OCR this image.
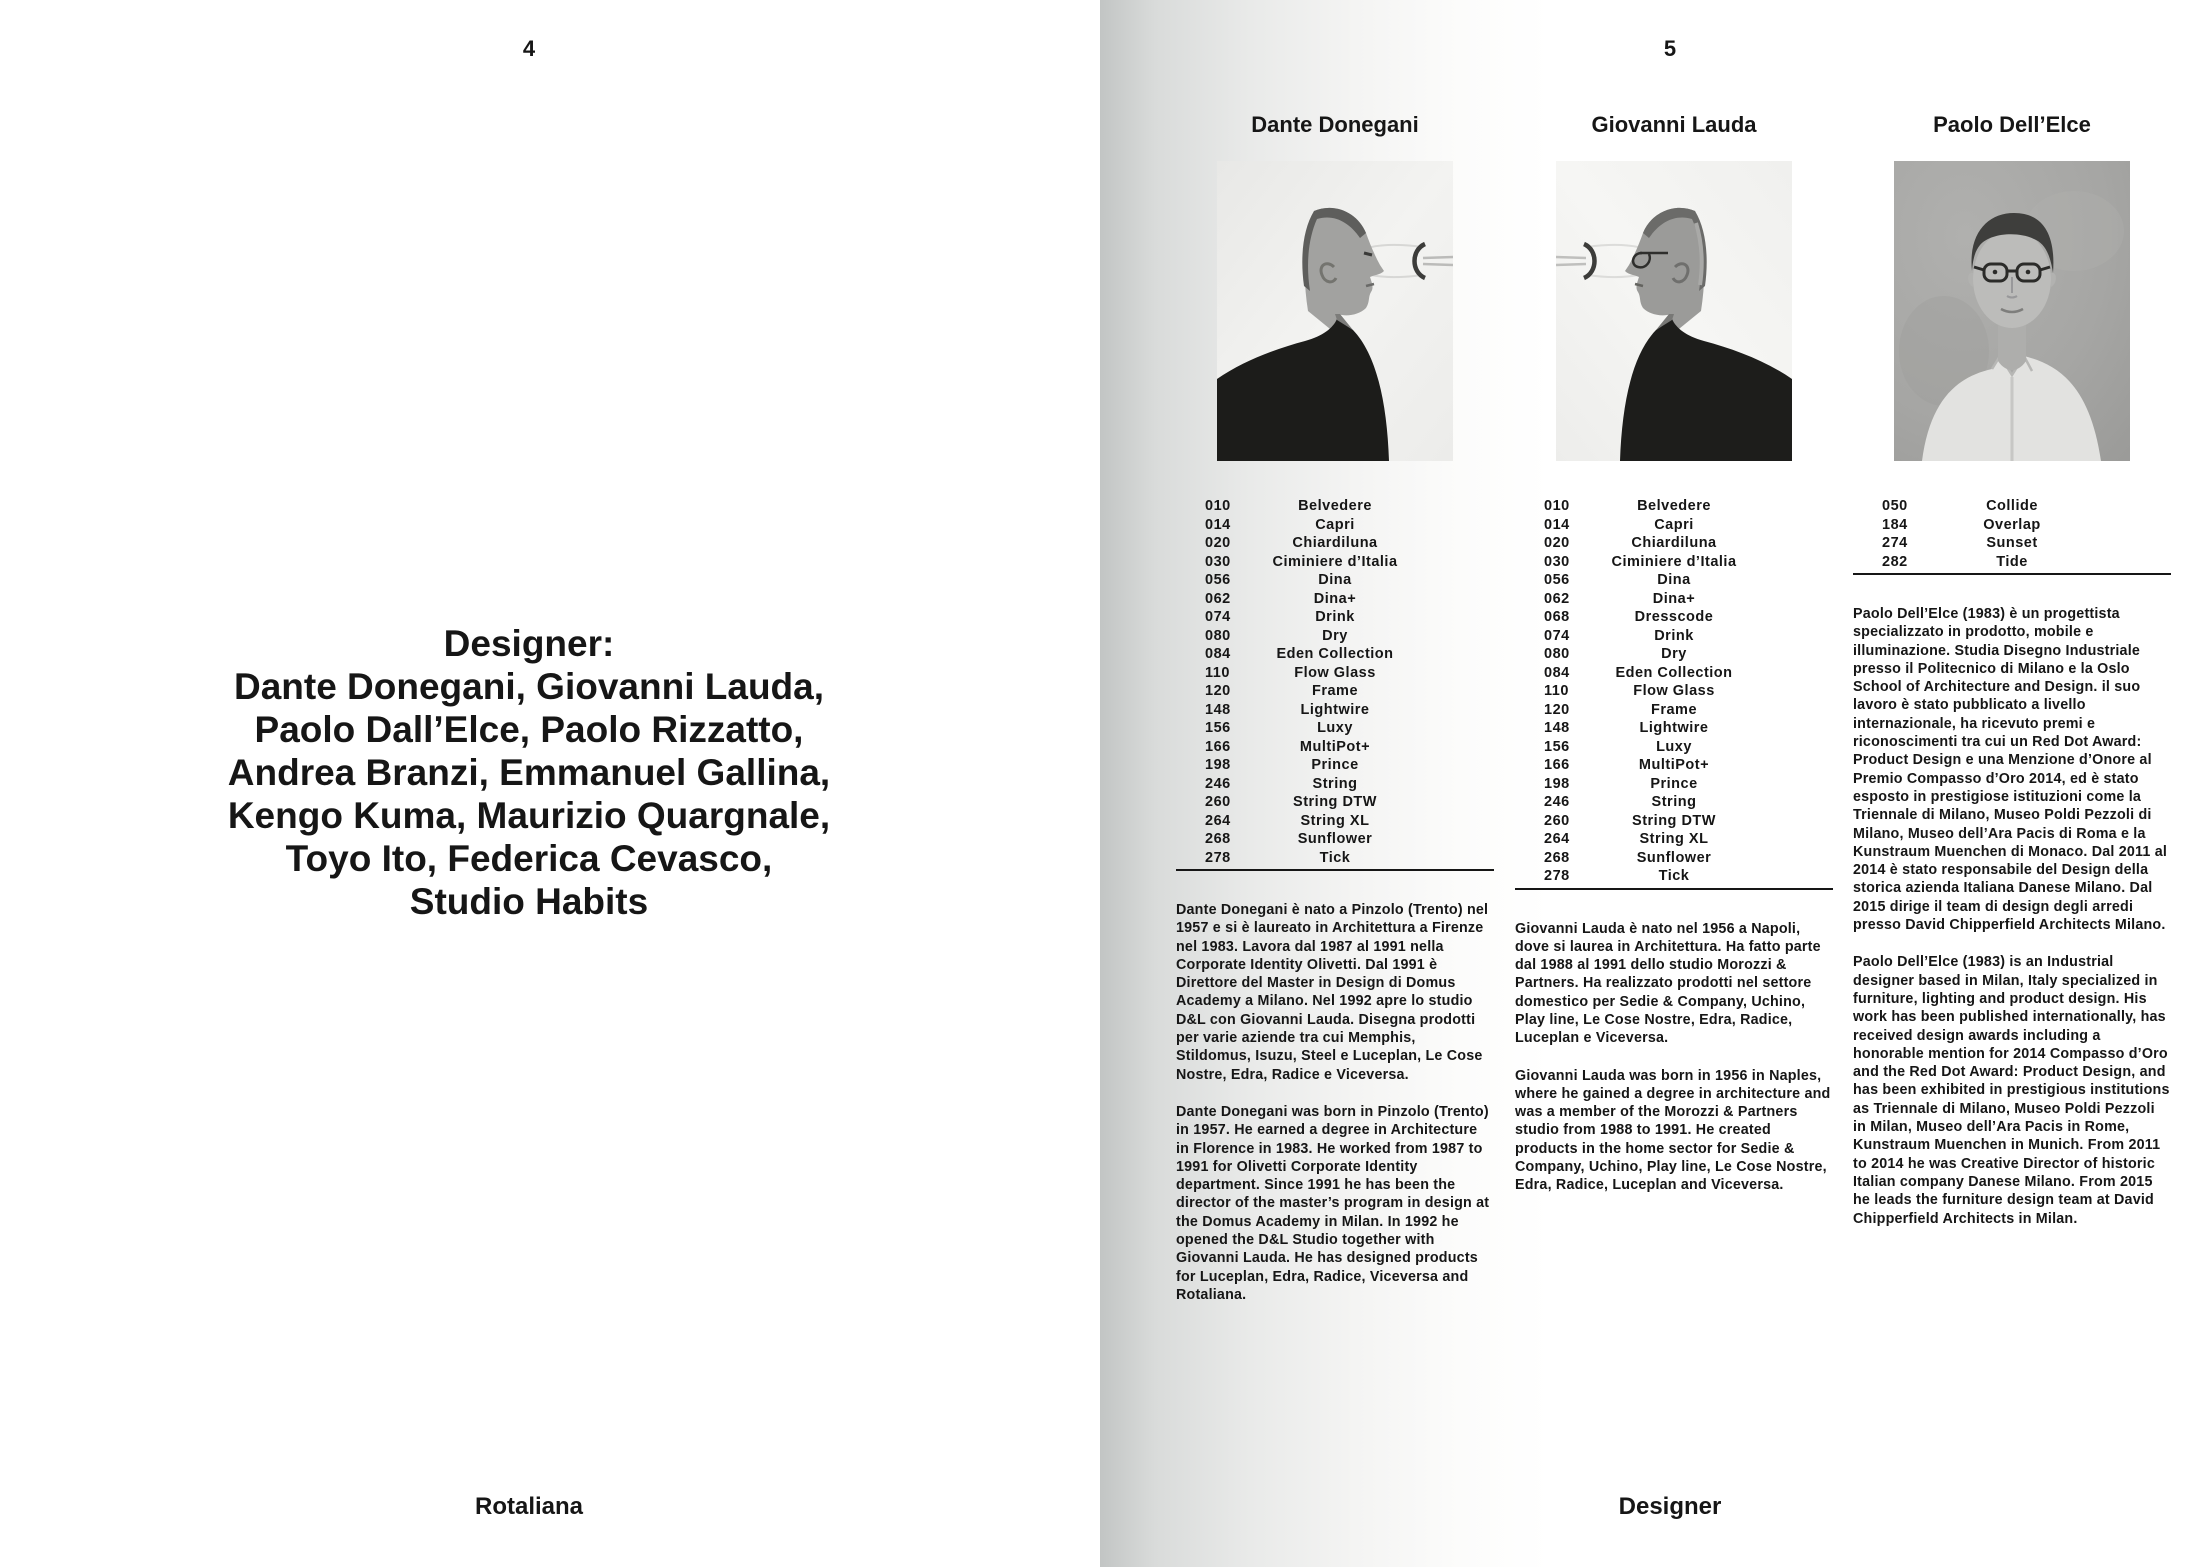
4
Designer:
Dante Donegani, Giovanni Lauda,
Paolo Dall’Elce, Paolo Rizzatto,
Andrea Branzi, Emmanuel Gallina,
Kengo Kuma, Maurizio Quargnale,
Toyo Ito, Federica Cevasco,
Studio Habits
Rotaliana
5
Dante Donegani
010	Belvedere
014	Capri
020	Chiardiluna
030	Ciminiere d’Italia
056	Dina
062	Dina+
074	Drink
080	Dry
084	Eden Collection
110	Flow Glass
120	Frame
148	Lightwire
156	Luxy
166	MultiPot+
198	Prince
246	String
260	String DTW
264	String XL
268	Sunflower
278	Tick

Dante Donegani è nato a Pinzolo (Trento) nel 1957 e si è laureato in Architettura a Firenze nel 1983. Lavora dal 1987 al 1991 nella Corporate Identity Olivetti. Dal 1991 è Direttore del Master in Design di Domus Academy a Milano. Nel 1992 apre lo studio D&L con Giovanni Lauda. Disegna prodotti per varie aziende tra cui Memphis, Stildomus, Isuzu, Steel e Luceplan, Le Cose Nostre, Edra, Radice e Viceversa.

Dante Donegani was born in Pinzolo (Trento) in 1957. He earned a degree in Architecture in Florence in 1983. He worked from 1987 to 1991 for Olivetti Corporate Identity department. Since 1991 he has been the director of the master’s program in design at the Domus Academy in Milan. In 1992 he opened the D&L Studio together with Giovanni Lauda. He has designed products for Luceplan, Edra, Radice, Viceversa and Rotaliana.

Giovanni Lauda
010	Belvedere
014	Capri
020	Chiardiluna
030	Ciminiere d’Italia
056	Dina
062	Dina+
068	Dresscode
074	Drink
080	Dry
084	Eden Collection
110	Flow Glass
120	Frame
148	Lightwire
156	Luxy
166	MultiPot+
198	Prince
246	String
260	String DTW
264	String XL
268	Sunflower
278	Tick

Giovanni Lauda è nato nel 1956 a Napoli, dove si laurea in Architettura. Ha fatto parte dal 1988 al 1991 dello studio Morozzi & Partners. Ha realizzato prodotti nel settore domestico per Sedie & Company, Uchino, Play line, Le Cose Nostre, Edra, Radice, Luceplan e Viceversa.

Giovanni Lauda was born in 1956 in Naples, where he gained a degree in architecture and was a member of the Morozzi & Partners studio from 1988 to 1991. He created products in the home sector for Sedie & Company, Uchino, Play line, Le Cose Nostre, Edra, Radice, Luceplan and Viceversa.

Paolo Dell’Elce
050	Collide
184	Overlap
274	Sunset
282	Tide

Paolo Dell’Elce (1983) è un progettista specializzato in prodotto, mobile e illuminazione. Studia Disegno Industriale presso il Politecnico di Milano e la Oslo School of Architecture and Design. il suo lavoro è stato pubblicato a livello internazionale, ha ricevuto premi e riconoscimenti tra cui un Red Dot Award: Product Design e una Menzione d’Onore al Premio Compasso d’Oro 2014, ed è stato esposto in prestigiose istituzioni come la Triennale di Milano, Museo Poldi Pezzoli di Milano, Museo dell’Ara Pacis di Roma e la Kunstraum Muenchen di Monaco. Dal 2011 al 2014 è stato responsabile del Design della storica azienda Italiana Danese Milano. Dal 2015 dirige il team di design degli arredi presso David Chipperfield Architects Milano.

Paolo Dell’Elce (1983) is an Industrial designer based in Milan, Italy specialized in furniture, lighting and product design. His work has been published internationally, has received design awards including a honorable mention for 2014 Compasso d’Oro and the Red Dot Award: Product Design, and has been exhibited in prestigious institutions as Triennale di Milano, Museo Poldi Pezzoli in Milan, Museo dell’Ara Pacis in Rome, Kunstraum Muenchen in Munich. From 2011 to 2014 he was Creative Director of historic Italian company Danese Milano. From 2015 he leads the furniture design team at David Chipperfield Architects in Milan.

Designer
